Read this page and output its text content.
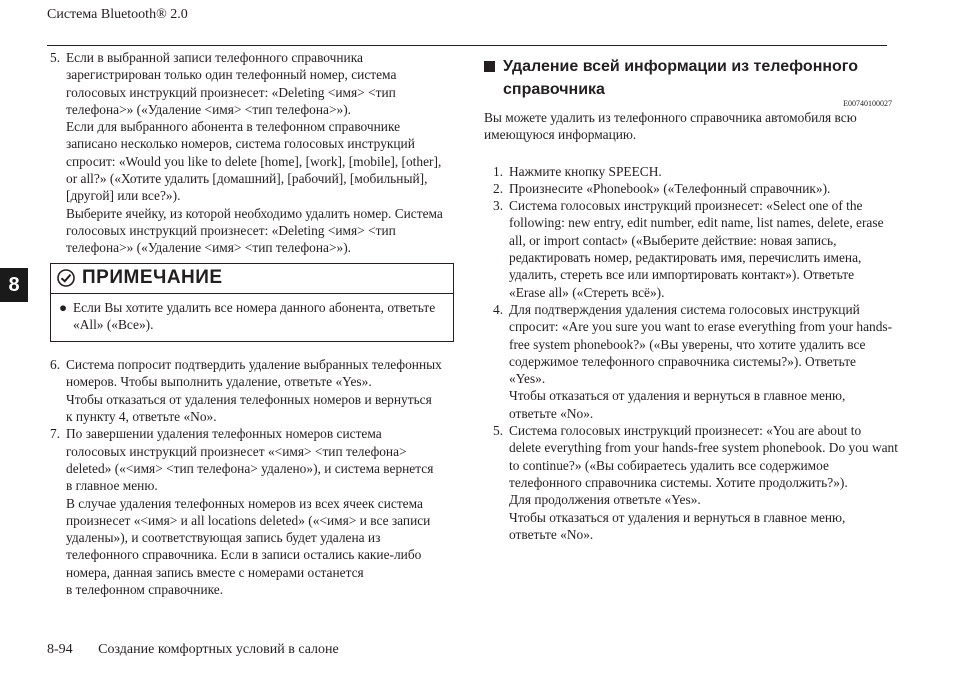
Система Bluetooth® 2.0
8
5. Если в выбранной записи телефонного справочника
зарегистрирован только один телефонный номер, система
голосовых инструкций произнесет: «Deleting <имя> <тип
телефона>» («Удаление <имя> <тип телефона>»).
Если для выбранного абонента в телефонном справочнике
записано несколько номеров, система голосовых инструкций
спросит: «Would you like to delete [home], [work], [mobile], [other],
or all?» («Хотите удалить [домашний], [рабочий], [мобильный],
[другой] или все?»).
Выберите ячейку, из которой необходимо удалить номер. Система
голосовых инструкций произнесет: «Deleting <имя> <тип
телефона>» («Удаление <имя> <тип телефона>»).
ПРИМЕЧАНИЕ
● Если Вы хотите удалить все номера данного абонента, ответьте
«All» («Все»).
6. Система попросит подтвердить удаление выбранных телефонных
номеров. Чтобы выполнить удаление, ответьте «Yes».
Чтобы отказаться от удаления телефонных номеров и вернуться
к пункту 4, ответьте «No».
7. По завершении удаления телефонных номеров система
голосовых инструкций произнесет «<имя> <тип телефона>
deleted» («<имя> <тип телефона> удалено»), и система вернется
в главное меню.
В случае удаления телефонных номеров из всех ячеек система
произнесет «<имя> и all locations deleted» («<имя> и все записи
удалены»), и соответствующая запись будет удалена из
телефонного справочника. Если в записи остались какие-либо
номера, данная запись вместе с номерами останется
в телефонном справочнике.
Удаление всей информации из телефонного
справочника
E00740100027
Вы можете удалить из телефонного справочника автомобиля всю
имеющуюся информацию.
1. Нажмите кнопку SPEECH.
2. Произнесите «Phonebook» («Телефонный справочник»).
3. Система голосовых инструкций произнесет: «Select one of the
following: new entry, edit number, edit name, list names, delete, erase
all, or import contact» («Выберите действие: новая запись,
редактировать номер, редактировать имя, перечислить имена,
удалить, стереть все или импортировать контакт»). Ответьте
«Erase all» («Стереть всё»).
4. Для подтверждения удаления система голосовых инструкций
спросит: «Are you sure you want to erase everything from your hands-
free system phonebook?» («Вы уверены, что хотите удалить все
содержимое телефонного справочника системы?»). Ответьте
«Yes».
Чтобы отказаться от удаления и вернуться в главное меню,
ответьте «No».
5. Система голосовых инструкций произнесет: «You are about to
delete everything from your hands-free system phonebook. Do you want
to continue?» («Вы собираетесь удалить все содержимое
телефонного справочника системы. Хотите продолжить?»).
Для продолжения ответьте «Yes».
Чтобы отказаться от удаления и вернуться в главное меню,
ответьте «No».
8-94 Создание комфортных условий в салоне
